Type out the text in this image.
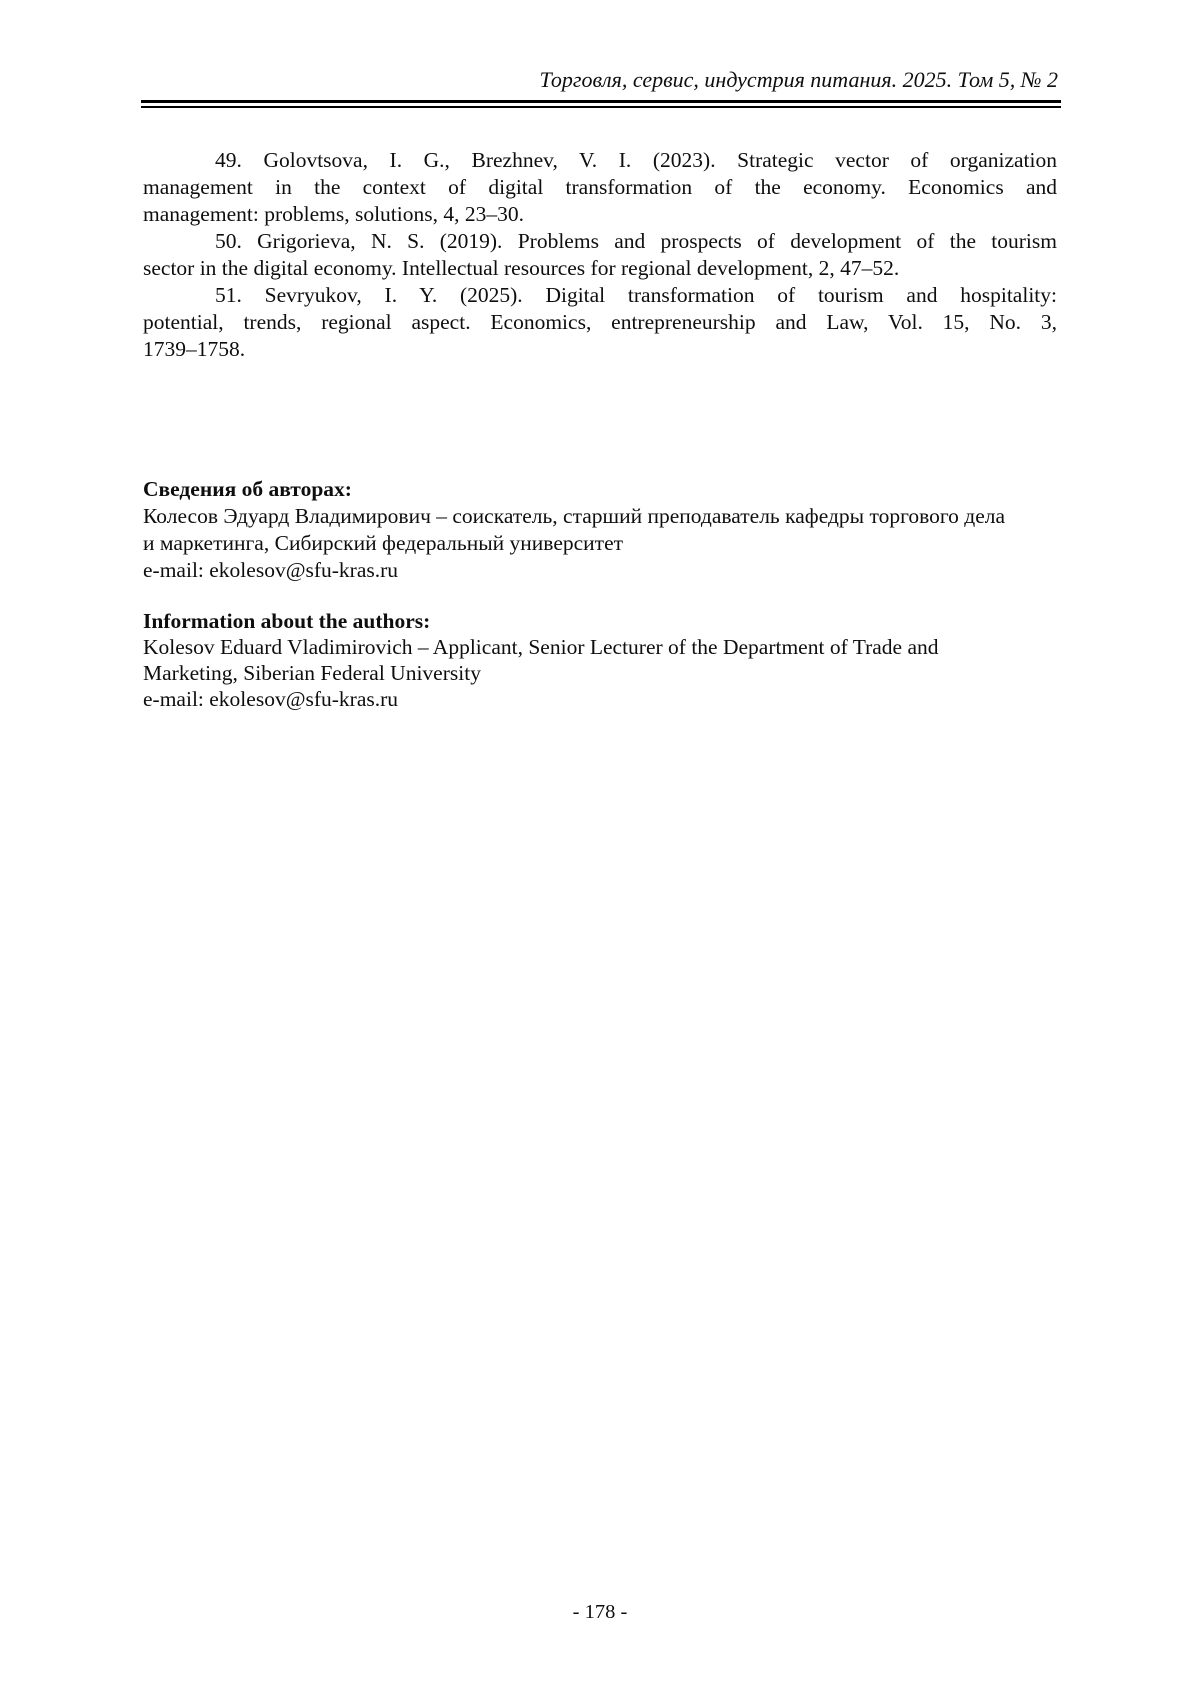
Торговля, сервис, индустрия питания. 2025. Том 5, № 2
49. Golovtsova, I. G., Brezhnev, V. I. (2023). Strategic vector of organization
management in the context of digital transformation of the economy. Economics and
management: problems, solutions, 4, 23–30.
50. Grigorieva, N. S. (2019). Problems and prospects of development of the tourism
sector in the digital economy. Intellectual resources for regional development, 2, 47–52.
51. Sevryukov, I. Y. (2025). Digital transformation of tourism and hospitality:
potential, trends, regional aspect. Economics, entrepreneurship and Law, Vol. 15, No. 3,
1739–1758.
Сведения об авторах:
Колесов Эдуард Владимирович – соискатель, старший преподаватель кафедры торгового дела
и маркетинга, Сибирский федеральный университет
e-mail: ekolesov@sfu-kras.ru
Information about the authors:
Kolesov Eduard Vladimirovich – Applicant, Senior Lecturer of the Department of Trade and
Marketing, Siberian Federal University
e-mail: ekolesov@sfu-kras.ru
- 178 -
